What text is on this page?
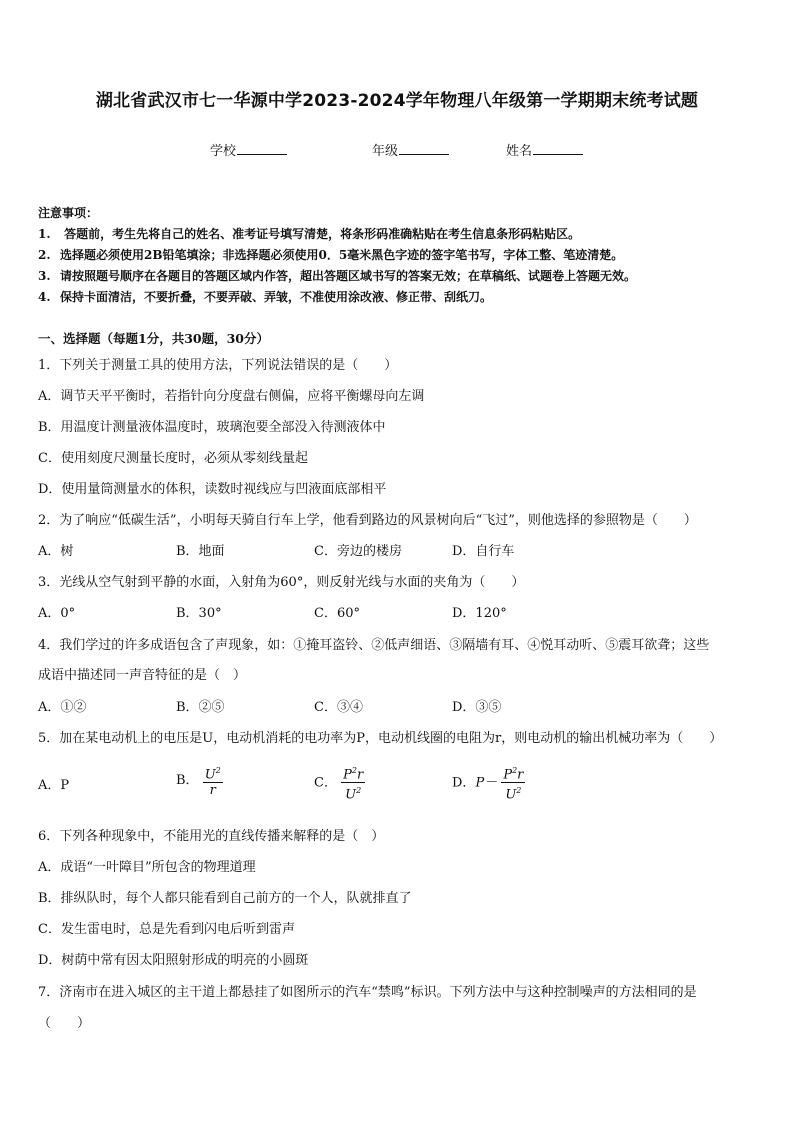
湖北省武汉市七一华源中学2023-2024学年物理八年级第一学期期末统考试题
学校	年级	姓名
注意事项：
1. 答题前，考生先将自己的姓名、准考证号填写清楚，将条形码准确粘贴在考生信息条形码粘贴区。
2. 选择题必须使用2B铅笔填涂；非选择题必须使用0．5毫米黑色字迹的签字笔书写，字体工整、笔迹清楚。
3. 请按照题号顺序在各题目的答题区域内作答，超出答题区域书写的答案无效；在草稿纸、试题卷上答题无效。
4. 保持卡面清洁，不要折叠，不要弄破、弄皱，不准使用涂改液、修正带、刮纸刀。
一、选择题（每题1分，共30题，30分）
1．下列关于测量工具的使用方法，下列说法错误的是（　　）
A．调节天平平衡时，若指针向分度盘右侧偏，应将平衡螺母向左调
B．用温度计测量液体温度时，玻璃泡要全部没入待测液体中
C．使用刻度尺测量长度时，必须从零刻线量起
D．使用量筒测量水的体积，读数时视线应与凹液面底部相平
2．为了响应“低碳生活”，小明每天骑自行车上学，他看到路边的风景树向后“飞过”，则他选择的参照物是（　　）
A．树	B．地面	C．旁边的楼房	D．自行车
3．光线从空气射到平静的水面，入射角为60°，则反射光线与水面的夹角为（　　）
A．0°	B．30°	C．60°	D．120°
4．我们学过的许多成语包含了声现象，如：①掩耳盗铃、②低声细语、③隔墙有耳、④悦耳动听、⑤震耳欲聋；这些
成语中描述同一声音特征的是（　）
A．①②	B．②⑤	C．③④	D．③⑤
5．加在某电动机上的电压是U，电动机消耗的电功率为P，电动机线圈的电阻为r，则电动机的输出机械功率为（　　）
A．P	B． $\frac{U^2}{r}$	C． $\frac{P^2r}{U^2}$	D．$P- \frac{P^2r}{U^2}$
6．下列各种现象中，不能用光的直线传播来解释的是（　）
A．成语“一叶障目”所包含的物理道理
B．排纵队时，每个人都只能看到自己前方的一个人，队就排直了
C．发生雷电时，总是先看到闪电后听到雷声
D．树荫中常有因太阳照射形成的明亮的小圆斑
7．济南市在进入城区的主干道上都悬挂了如图所示的汽车“禁鸣”标识。下列方法中与这种控制噪声的方法相同的是
（　　）
